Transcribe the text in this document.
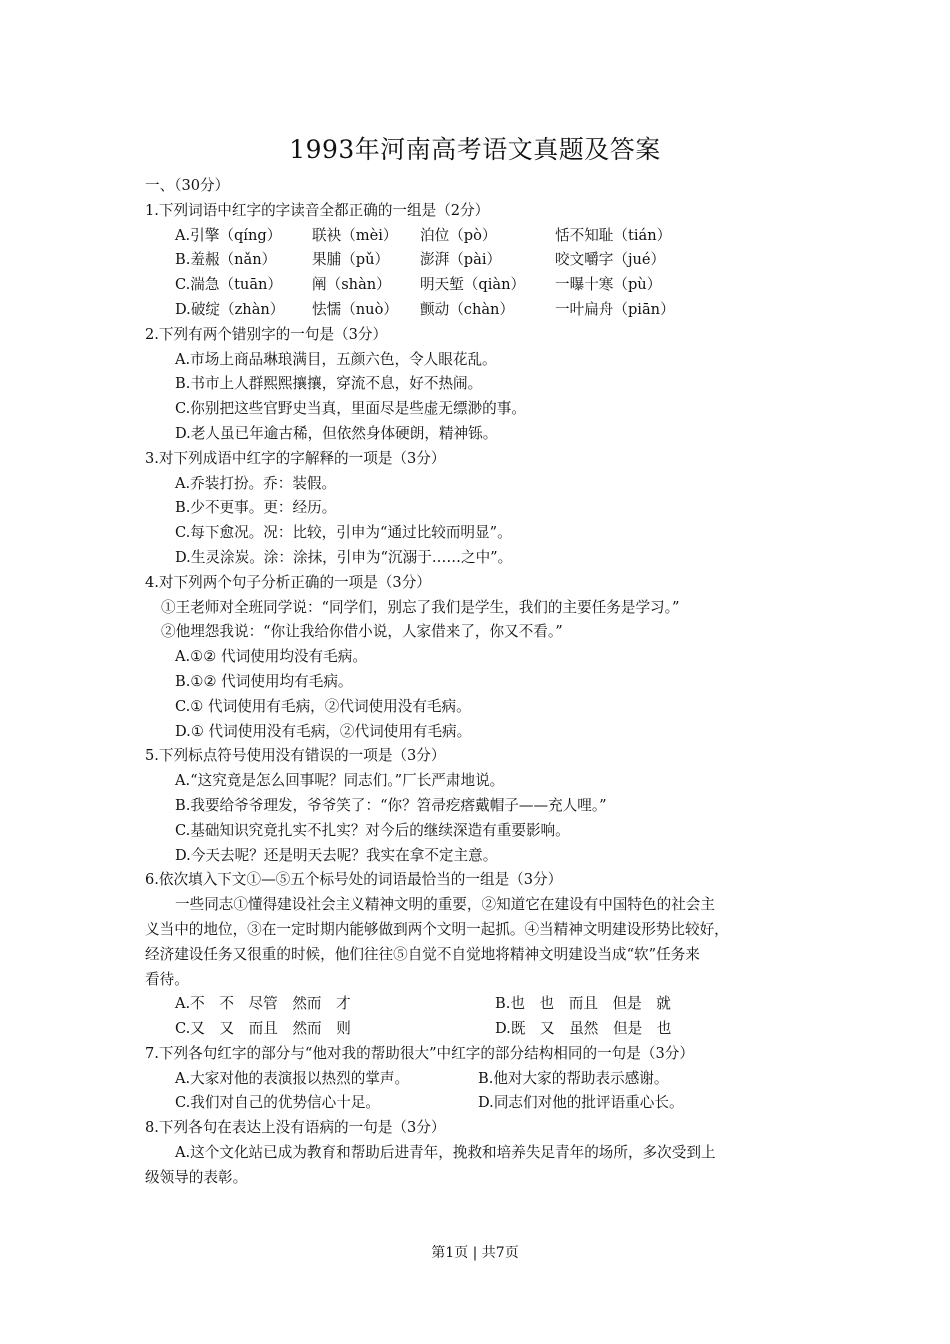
1993年河南高考语文真题及答案
一、（30分）
1.下列词语中红字的字读音全都正确的一组是（2分）
A.引擎（qíng） 联袂（mèi） 泊位（pò）	恬不知耻（tián）
B.羞赧（nǎn） 果脯（pǔ） 澎湃（pài）	咬文嚼字（jué）
C.湍急（tuān） 阐（shàn） 明天堑（qiàn） 一曝十寒（pù）
D.破绽（zhàn） 怯懦（nuò） 颤动（chàn）	一叶扁舟（piān）
2.下列有两个错别字的一句是（3分）
A.市场上商品琳琅满目，五颜六色，令人眼花乱。
B.书市上人群熙熙攘攘，穿流不息，好不热闹。
C.你别把这些官野史当真，里面尽是些虚无缥渺的事。
D.老人虽已年逾古稀，但依然身体硬朗，精神铄。
3.对下列成语中红字的字解释的一项是（3分）
A.乔装打扮。乔：装假。
B.少不更事。更：经历。
C.每下愈况。况：比较，引申为“通过比较而明显”。
D.生灵涂炭。涂：涂抹，引申为“沉溺于……之中”。
4.对下列两个句子分析正确的一项是（3分）
①王老师对全班同学说：“同学们，别忘了我们是学生，我们的主要任务是学习。”
②他埋怨我说：“你让我给你借小说，人家借来了，你又不看。”
A.①② 代词使用均没有毛病。
B.①② 代词使用均有毛病。
C.① 代词使用有毛病，②代词使用没有毛病。
D.① 代词使用没有毛病，②代词使用有毛病。
5.下列标点符号使用没有错误的一项是（3分）
A.“这究竟是怎么回事呢？同志们。”厂长严肃地说。
B.我要给爷爷理发，爷爷笑了：“你？笤帚疙瘩戴帽子——充人哩。”
C.基础知识究竟扎实不扎实？对今后的继续深造有重要影响。
D.今天去呢？还是明天去呢？我实在拿不定主意。
6.依次填入下文①—⑤五个标号处的词语最恰当的一组是（3分）
一些同志①懂得建设社会主义精神文明的重要，②知道它在建设有中国特色的社会主
义当中的地位，③在一定时期内能够做到两个文明一起抓。④当精神文明建设形势比较好，
经济建设任务又很重的时候，他们往往⑤自觉不自觉地将精神文明建设当成“软”任务来
看待。
A.不　不　尽管　然而　才	B.也　也　而且　但是　就
C.又　又　而且　然而　则	D.既　又　虽然　但是　也
7.下列各句红字的部分与“他对我的帮助很大”中红字的部分结构相同的一句是（3分）
A.大家对他的表演报以热烈的掌声。	B.他对大家的帮助表示感谢。
C.我们对自己的优势信心十足。	D.同志们对他的批评语重心长。
8.下列各句在表达上没有语病的一句是（3分）
A.这个文化站已成为教育和帮助后进青年，挽救和培养失足青年的场所，多次受到上
级领导的表彰。
第1页 | 共7页
